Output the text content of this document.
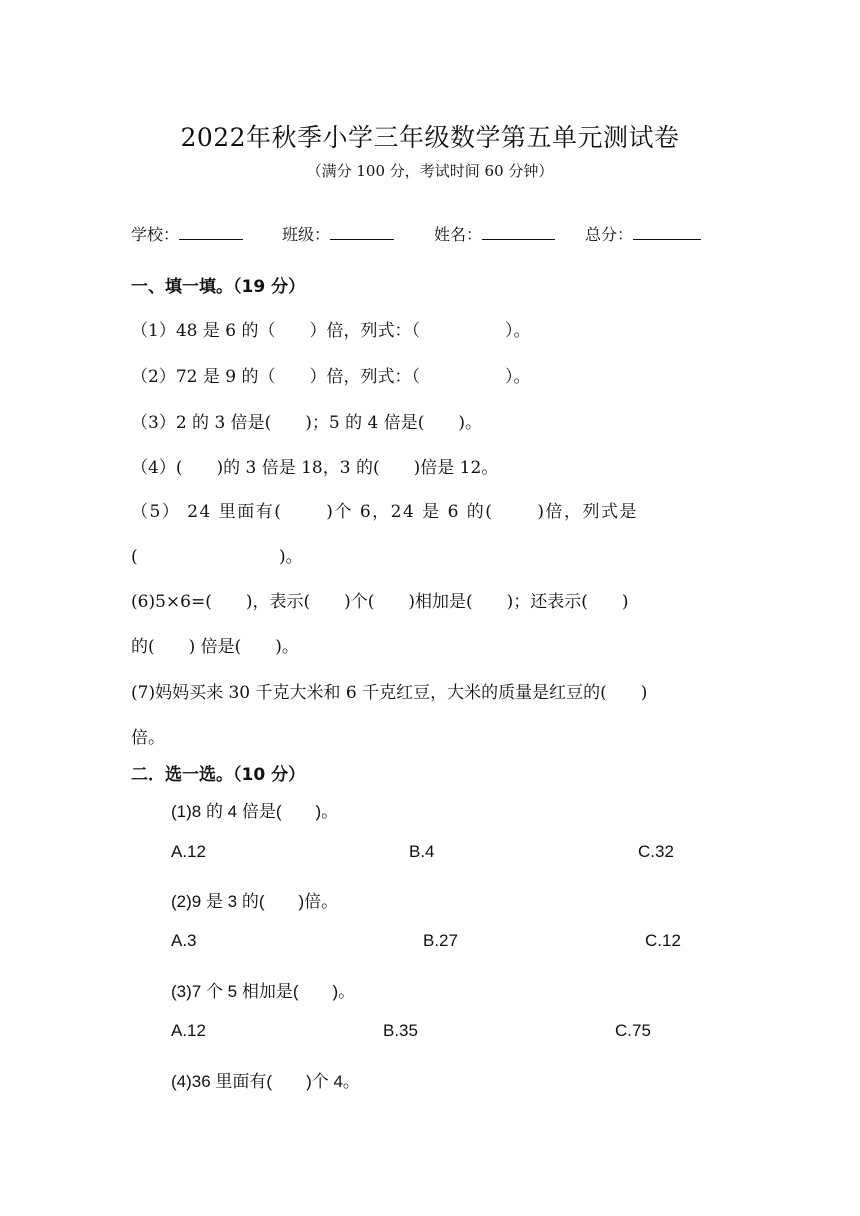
2022年秋季小学三年级数学第五单元测试卷
（满分 100 分，考试时间 60 分钟）
学校：	班级：	姓名：	总分：
一、填一填。（19 分）
（1）48 是 6 的（　　）倍，列式：（　　　　　）。
（2）72 是 9 的（　　）倍，列式：（　　　　　）。
（3）2 的 3 倍是(　　)；5 的 4 倍是(　　)。
（4）(　　)的 3 倍是 18，3 的(　　)倍是 12。
（5） 24 里面有(　　 )个 6，24 是 6 的(　　 )倍，列式是
(　　　　　　　　 )。
(6)5×6=(　　)，表示(　　)个(　　)相加是(　　)；还表示(　　)
的(　　) 倍是(　　)。
(7)妈妈买来 30 千克大米和 6 千克红豆，大米的质量是红豆的(　　)
倍。
二．选一选。（10 分）
(1)8 的 4 倍是(　　)。
A.12	B.4	C.32
(2)9 是 3 的(　　)倍。
A.3	B.27	C.12
(3)7 个 5 相加是(　　)。
A.12	B.35	C.75
(4)36 里面有(　　)个 4。
